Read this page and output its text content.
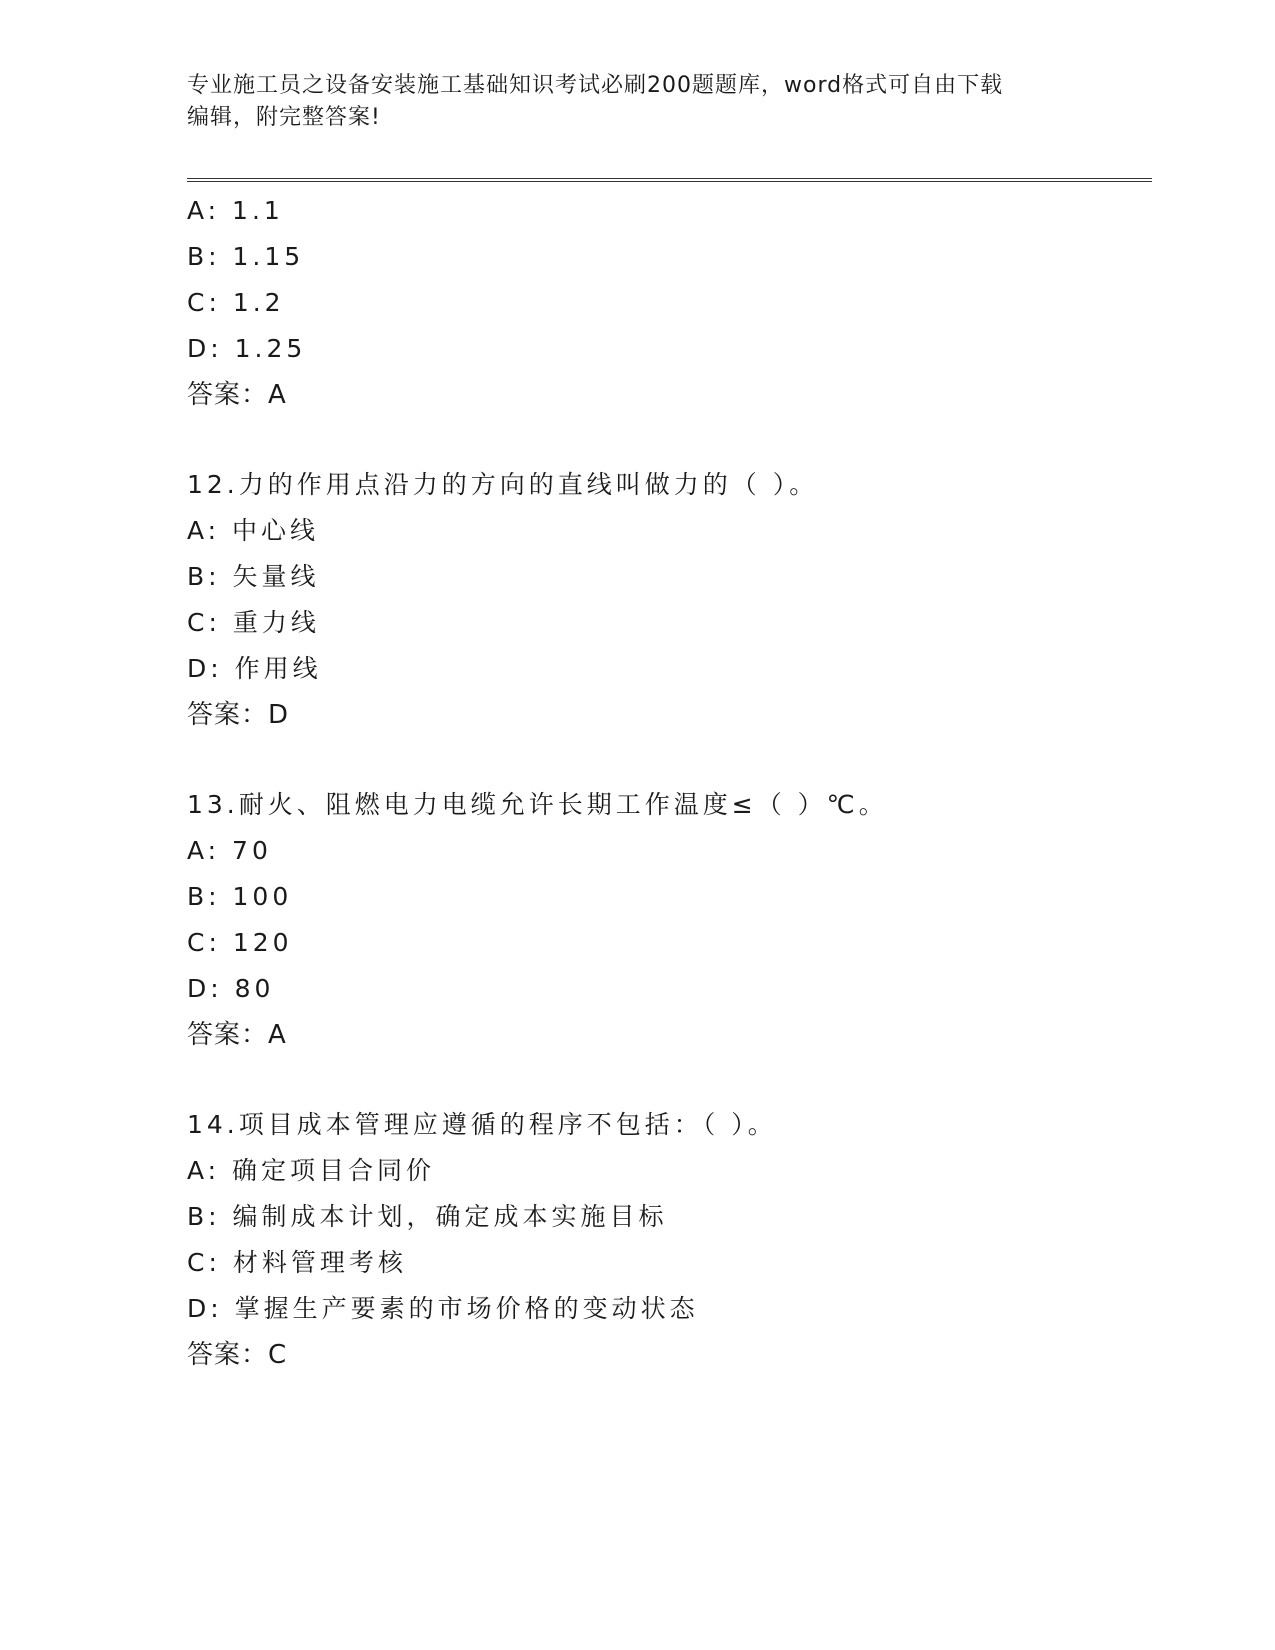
专业施工员之设备安装施工基础知识考试必刷200题题库，word格式可自由下载
编辑，附完整答案!
A: 1.1
B: 1.15
C: 1.2
D: 1.25
答案：A
12.力的作用点沿力的方向的直线叫做力的（ ）。
A: 中心线
B: 矢量线
C: 重力线
D: 作用线
答案：D
13.耐火、阻燃电力电缆允许长期工作温度≤（ ）℃。
A: 70
B: 100
C: 120
D: 80
答案：A
14.项目成本管理应遵循的程序不包括：（ ）。
A: 确定项目合同价
B: 编制成本计划，确定成本实施目标
C: 材料管理考核
D: 掌握生产要素的市场价格的变动状态
答案：C
